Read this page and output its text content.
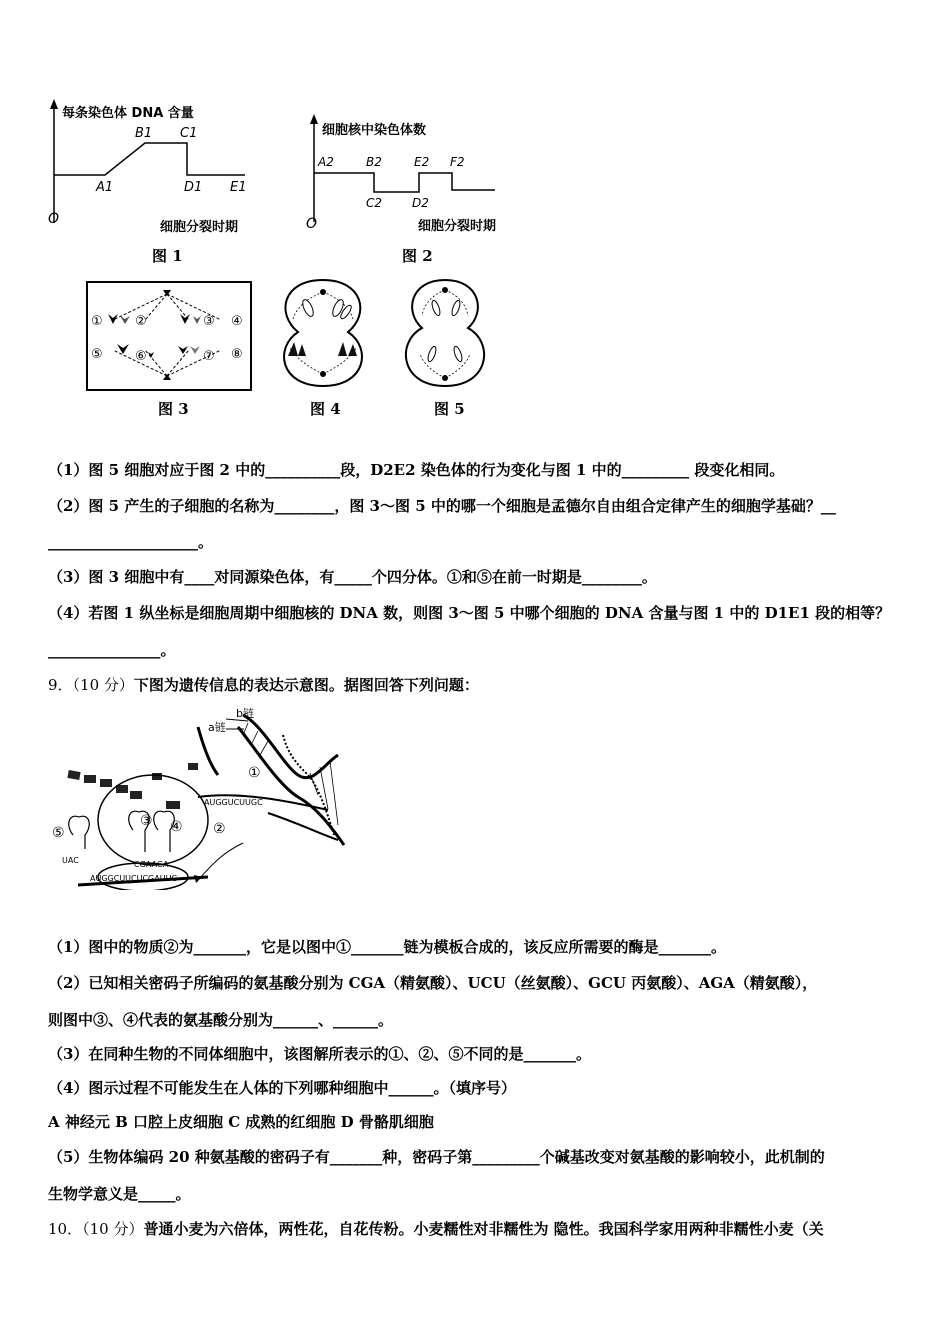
每条染色体 DNA 含量
O
细胞分裂时期
A1
B1 C1
D1 E1
图 1
细胞核中染色体数
O	细胞分裂时期
A2	B2
C2 D2
E2 F2
图 2
① ②	③ ④
⑤ ⑥	⑦ ⑧
图 3	图 4	图 5
（1）图 5 细胞对应于图 2 中的__________段，D2E2 染色体的行为变化与图 1 中的_________ 段变化相同。
（2）图 5 产生的子细胞的名称为________，图 3～图 5 中的哪一个细胞是孟德尔自由组合定律产生的细胞学基础？__
____________________。
（3）图 3 细胞中有____对同源染色体，有_____个四分体。①和⑤在前一时期是________。
（4）若图 1 纵坐标是细胞周期中细胞核的 DNA 数，则图 3～图 5 中哪个细胞的 DNA 含量与图 1 中的 D1E1 段的相等？
_______________。
9．（10 分）下图为遗传信息的表达示意图。据图回答下列问题：
b链
a链
AUGGUCUUGC
AUGGCUUCUCGAUUC
UAC	CGAAGA
①
②
③ ④
⑤
（1）图中的物质②为_______，它是以图中①_______链为模板合成的，该反应所需要的酶是_______。
（2）已知相关密码子所编码的氨基酸分别为 CGA（精氨酸）、UCU（丝氨酸）、GCU 丙氨酸）、AGA（精氨酸），
则图中③、④代表的氨基酸分别为______、______。
（3）在同种生物的不同体细胞中，该图解所表示的①、②、⑤不同的是_______。
（4）图示过程不可能发生在人体的下列哪种细胞中______。（填序号）
A 神经元 B 口腔上皮细胞 C 成熟的红细胞 D 骨骼肌细胞
（5）生物体编码 20 种氨基酸的密码子有_______种，密码子第_________个碱基改变对氨基酸的影响较小，此机制的
生物学意义是_____。
10．（10 分）普通小麦为六倍体，两性花，自花传粉。小麦糯性对非糯性为 隐性。我国科学家用两种非糯性小麦（关
